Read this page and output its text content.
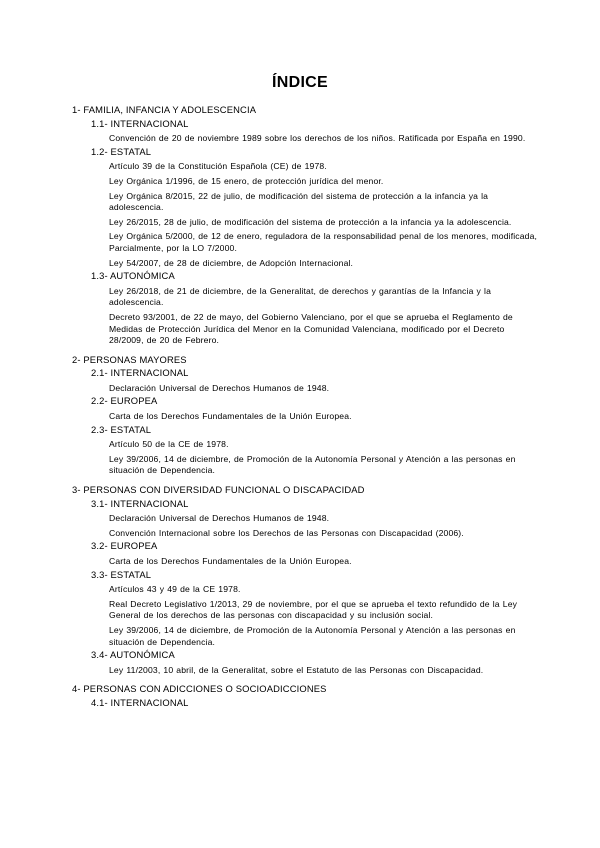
ÍNDICE
1- FAMILIA, INFANCIA Y ADOLESCENCIA
1.1- INTERNACIONAL
Convención de 20 de noviembre 1989 sobre los derechos de los niños. Ratificada por España en 1990.
1.2- ESTATAL
Artículo 39 de la Constitución Española (CE) de 1978.
Ley Orgánica 1/1996, de 15 enero, de protección jurídica del menor.
Ley Orgánica 8/2015, 22 de julio, de modificación del sistema de protección a la infancia ya la adolescencia.
Ley 26/2015, 28 de julio, de modificación del sistema de protección a la infancia ya la adolescencia.
Ley Orgánica 5/2000, de 12 de enero, reguladora de la responsabilidad penal de los menores, modificada, Parcialmente, por la LO 7/2000.
Ley 54/2007, de 28 de diciembre, de Adopción Internacional.
1.3- AUTONÓMICA
Ley 26/2018, de 21 de diciembre, de la Generalitat, de derechos y garantías de la Infancia y la adolescencia.
Decreto 93/2001, de 22 de mayo, del Gobierno Valenciano, por el que se aprueba el Reglamento de Medidas de Protección Jurídica del Menor en la Comunidad Valenciana, modificado por el Decreto 28/2009, de 20 de Febrero.
2- PERSONAS MAYORES
2.1- INTERNACIONAL
Declaración Universal de Derechos Humanos de 1948.
2.2- EUROPEA
Carta de los Derechos Fundamentales de la Unión Europea.
2.3- ESTATAL
Artículo 50 de la CE de 1978.
Ley 39/2006, 14 de diciembre, de Promoción de la Autonomía Personal y Atención a las personas en situación de Dependencia.
3- PERSONAS CON DIVERSIDAD FUNCIONAL O DISCAPACIDAD
3.1- INTERNACIONAL
Declaración Universal de Derechos Humanos de 1948.
Convención Internacional sobre los Derechos de las Personas con Discapacidad (2006).
3.2- EUROPEA
Carta de los Derechos Fundamentales de la Unión Europea.
3.3- ESTATAL
Artículos 43 y 49 de la CE 1978.
Real Decreto Legislativo 1/2013, 29 de noviembre, por el que se aprueba el texto refundido de la Ley General de los derechos de las personas con discapacidad y su inclusión social.
Ley 39/2006, 14 de diciembre, de Promoción de la Autonomía Personal y Atención a las personas en situación de Dependencia.
3.4- AUTONÓMICA
Ley 11/2003, 10 abril, de la Generalitat, sobre el Estatuto de las Personas con Discapacidad.
4- PERSONAS CON ADICCIONES O SOCIOADICCIONES
4.1- INTERNACIONAL
